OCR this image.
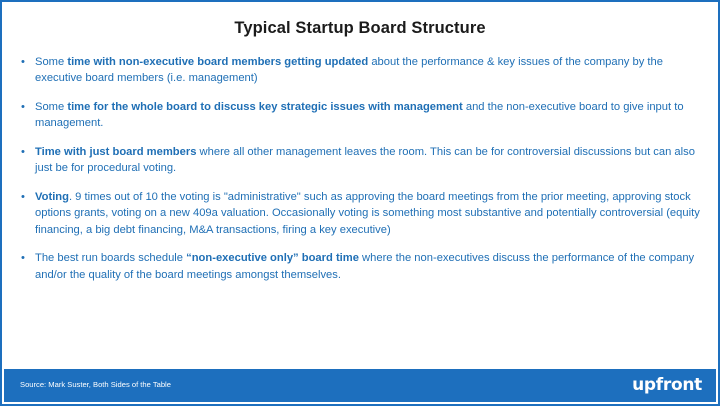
Typical Startup Board Structure
• Some time with non-executive board members getting updated about the performance & key issues of the company by the executive board members (i.e. management)
• Some time for the whole board to discuss key strategic issues with management and the non-executive board to give input to management.
• Time with just board members where all other management leaves the room. This can be for controversial discussions but can also just be for procedural voting.
• Voting. 9 times out of 10 the voting is "administrative" such as approving the board meetings from the prior meeting, approving stock options grants, voting on a new 409a valuation. Occasionally voting is something most substantive and potentially controversial (equity financing, a big debt financing, M&A transactions, firing a key executive)
• The best run boards schedule “non-executive only” board time where the non-executives discuss the performance of the company and/or the quality of the board meetings amongst themselves.
Source: Mark Suster, Both Sides of the Table	upfront
